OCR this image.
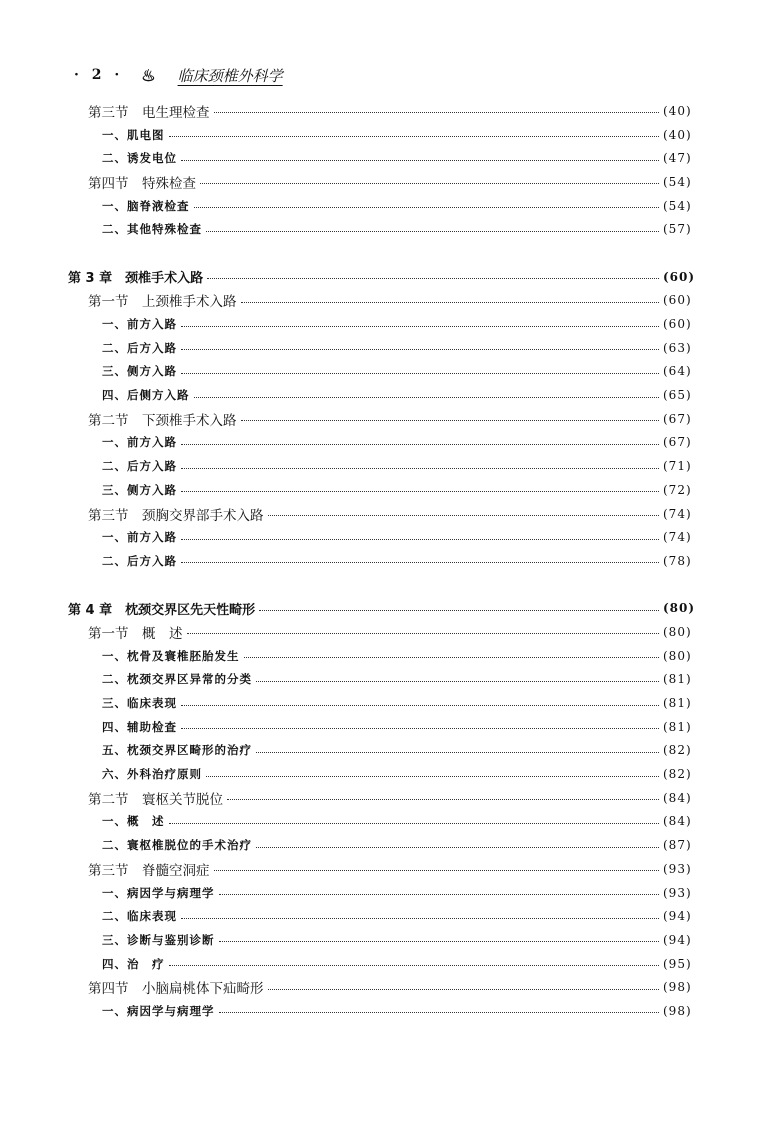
· 2 · ♨ 临床颈椎外科学
第三节　电生理检查	(40)
一、肌电图	(40)
二、诱发电位	(47)
第四节　特殊检查	(54)
一、脑脊液检查	(54)
二、其他特殊检查	(57)
第 3 章　颈椎手术入路	(60)
第一节　上颈椎手术入路	(60)
一、前方入路	(60)
二、后方入路	(63)
三、侧方入路	(64)
四、后侧方入路	(65)
第二节　下颈椎手术入路	(67)
一、前方入路	(67)
二、后方入路	(71)
三、侧方入路	(72)
第三节　颈胸交界部手术入路	(74)
一、前方入路	(74)
二、后方入路	(78)
第 4 章　枕颈交界区先天性畸形	(80)
第一节　概　述	(80)
一、枕骨及寰椎胚胎发生	(80)
二、枕颈交界区异常的分类	(81)
三、临床表现	(81)
四、辅助检查	(81)
五、枕颈交界区畸形的治疗	(82)
六、外科治疗原则	(82)
第二节　寰枢关节脱位	(84)
一、概　述	(84)
二、寰枢椎脱位的手术治疗	(87)
第三节　脊髓空洞症	(93)
一、病因学与病理学	(93)
二、临床表现	(94)
三、诊断与鉴别诊断	(94)
四、治　疗	(95)
第四节　小脑扁桃体下疝畸形	(98)
一、病因学与病理学	(98)
